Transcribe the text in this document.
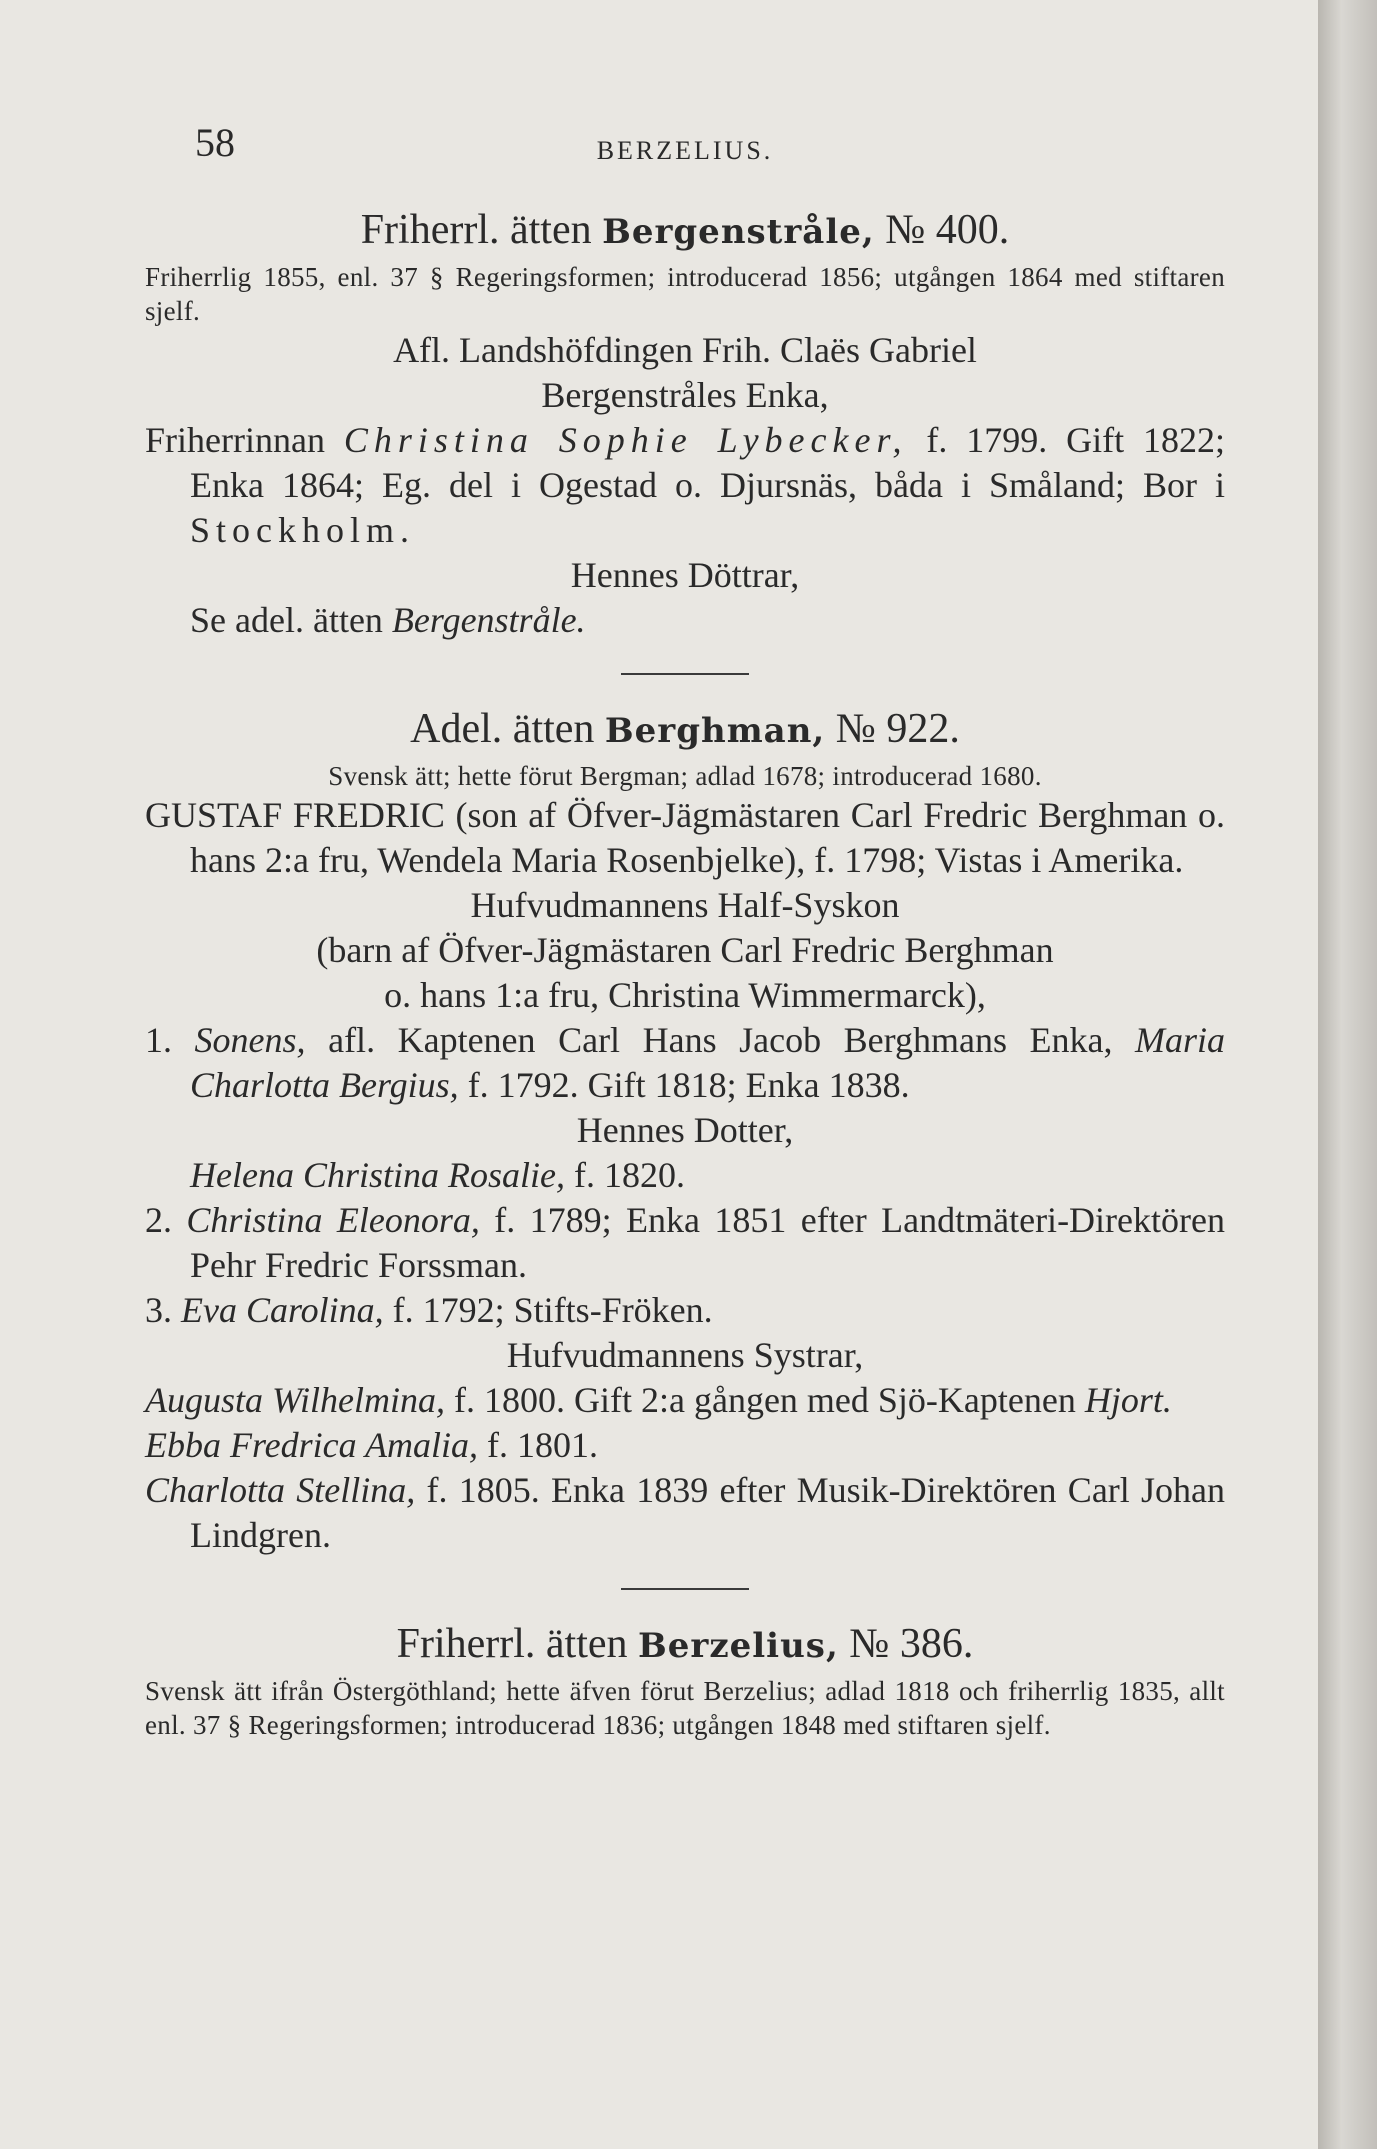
58	BERZELIUS.
Friherrl. ätten Bergenstråle, № 400.
Friherrlig 1855, enl. 37 § Regeringsformen; introducerad 1856; utgången 1864 med stiftaren sjelf.
Afl. Landshöfdingen Frih. Claës Gabriel
Bergenstråles Enka,
Friherrinnan Christina Sophie Lybecker, f. 1799. Gift 1822; Enka 1864; Eg. del i Ogestad o. Djursnäs, båda i Småland; Bor i Stockholm.
Hennes Döttrar,
Se adel. ätten Bergenstråle.
Adel. ätten Berghman, № 922.
Svensk ätt; hette förut Bergman; adlad 1678; introducerad 1680.
GUSTAF FREDRIC (son af Öfver-Jägmästaren Carl Fredric Berghman o. hans 2:a fru, Wendela Maria Rosenbjelke), f. 1798; Vistas i Amerika.
Hufvudmannens Half-Syskon
(barn af Öfver-Jägmästaren Carl Fredric Berghman
o. hans 1:a fru, Christina Wimmermarck),
1. Sonens, afl. Kaptenen Carl Hans Jacob Berghmans Enka, Maria Charlotta Bergius, f. 1792. Gift 1818; Enka 1838.
Hennes Dotter,
Helena Christina Rosalie, f. 1820.
2. Christina Eleonora, f. 1789; Enka 1851 efter Landtmäteri-Direktören Pehr Fredric Forssman.
3. Eva Carolina, f. 1792; Stifts-Fröken.
Hufvudmannens Systrar,
Augusta Wilhelmina, f. 1800. Gift 2:a gången med Sjö-Kaptenen Hjort.
Ebba Fredrica Amalia, f. 1801.
Charlotta Stellina, f. 1805. Enka 1839 efter Musik-Direktören Carl Johan Lindgren.
Friherrl. ätten Berzelius, № 386.
Svensk ätt ifrån Östergöthland; hette äfven förut Berzelius; adlad 1818 och friherrlig 1835, allt enl. 37 § Regeringsformen; introducerad 1836; utgången 1848 med stiftaren sjelf.
